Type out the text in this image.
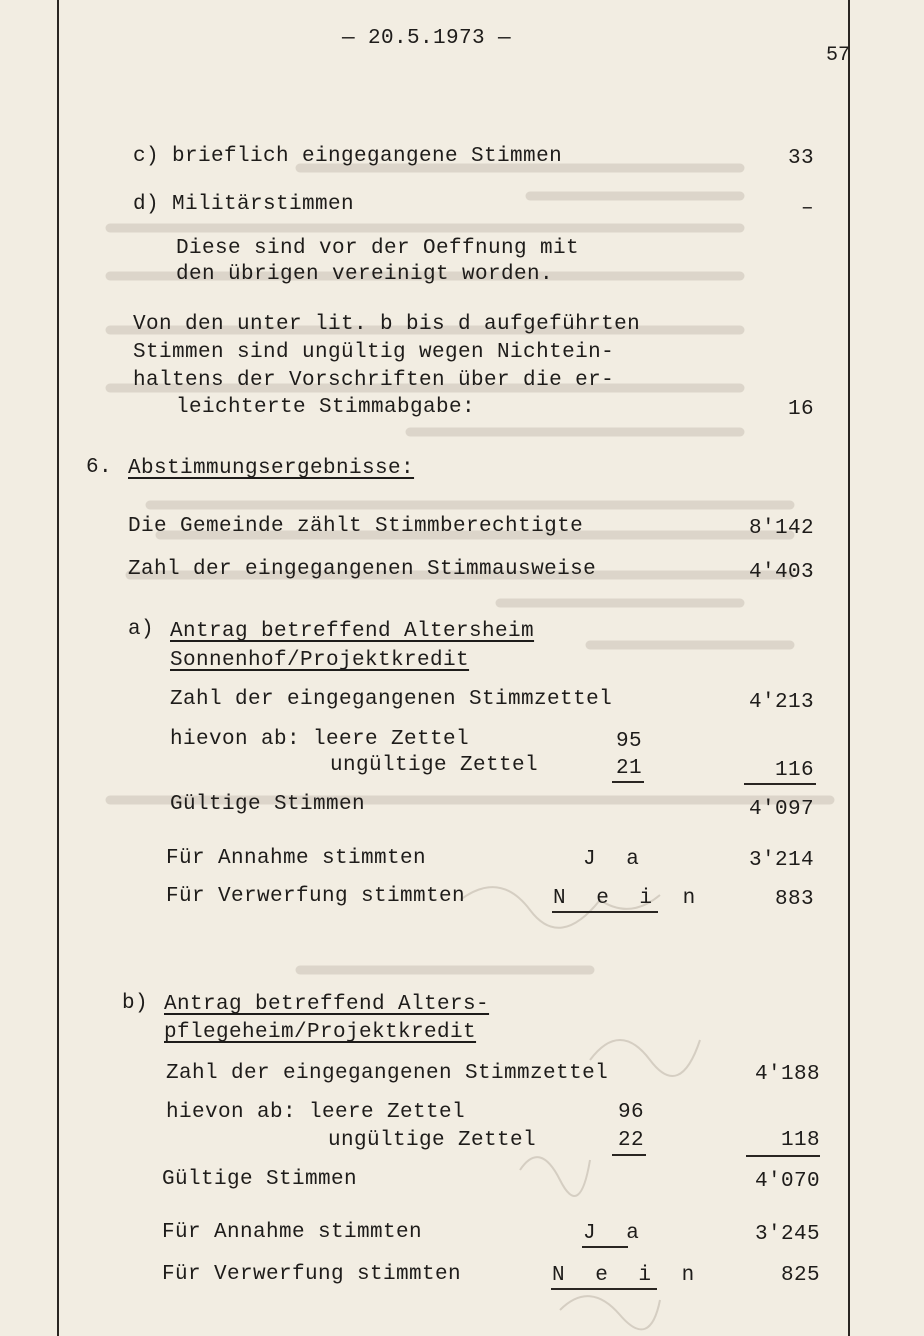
— 20.5.1973 —
57
c) brieflich eingegangene Stimmen	33
d) Militärstimmen	–
Diese sind vor der Oeffnung mit
den übrigen vereinigt worden.
Von den unter lit. b bis d aufgeführten
Stimmen sind ungültig wegen Nichtein-
haltens der Vorschriften über die er-
leichterte Stimmabgabe:	16
6. Abstimmungsergebnisse:
Die Gemeinde zählt Stimmberechtigte	8'142
Zahl der eingegangenen Stimmausweise	4'403
a) Antrag betreffend Altersheim
Sonnenhof/Projektkredit
Zahl der eingegangenen Stimmzettel	4'213
hievon ab: leere Zettel	95
ungültige Zettel	21	116
Gültige Stimmen	4'097
Für Annahme stimmten	J a	3'214
Für Verwerfung stimmten	N e i n	883
b) Antrag betreffend Alters-
pflegeheim/Projektkredit
Zahl der eingegangenen Stimmzettel	4'188
hievon ab: leere Zettel	96
ungültige Zettel	22	118
Gültige Stimmen	4'070
Für Annahme stimmten	J a	3'245
Für Verwerfung stimmten	N e i n	825
